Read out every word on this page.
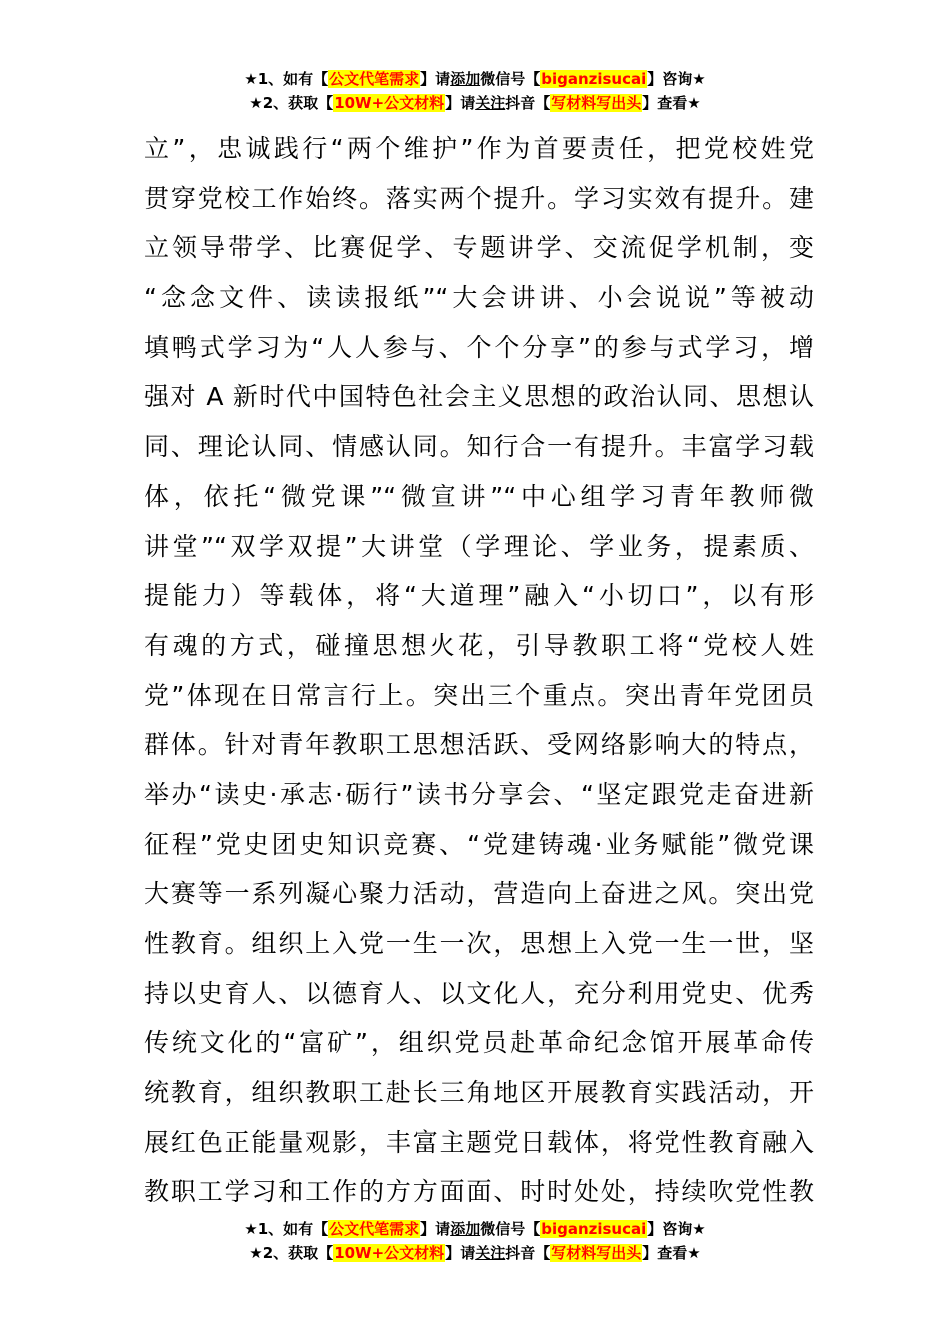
★1、如有【公文代笔需求】请添加微信号【biganzisucai】咨询★
★2、获取【10W+公文材料】请关注抖音【写材料写出头】查看★
立”，忠诚践行“两个维护”作为首要责任，把党校姓党
贯穿党校工作始终。落实两个提升。学习实效有提升。建
立领导带学、比赛促学、专题讲学、交流促学机制，变
“念念文件、读读报纸”“大会讲讲、小会说说”等被动
填鸭式学习为“人人参与、个个分享”的参与式学习，增
强对 A 新时代中国特色社会主义思想的政治认同、思想认
同、理论认同、情感认同。知行合一有提升。丰富学习载
体，依托“微党课”“微宣讲”“中心组学习青年教师微
讲堂”“双学双提”大讲堂（学理论、学业务，提素质、
提能力）等载体，将“大道理”融入“小切口”，以有形
有魂的方式，碰撞思想火花，引导教职工将“党校人姓
党”体现在日常言行上。突出三个重点。突出青年党团员
群体。针对青年教职工思想活跃、受网络影响大的特点，
举办“读史·承志·砺行”读书分享会、“坚定跟党走奋进新
征程”党史团史知识竞赛、“党建铸魂·业务赋能”微党课
大赛等一系列凝心聚力活动，营造向上奋进之风。突出党
性教育。组织上入党一生一次，思想上入党一生一世，坚
持以史育人、以德育人、以文化人，充分利用党史、优秀
传统文化的“富矿”，组织党员赴革命纪念馆开展革命传
统教育，组织教职工赴长三角地区开展教育实践活动，开
展红色正能量观影，丰富主题党日载体，将党性教育融入
教职工学习和工作的方方面面、时时处处，持续吹党性教
★1、如有【公文代笔需求】请添加微信号【biganzisucai】咨询★
★2、获取【10W+公文材料】请关注抖音【写材料写出头】查看★
